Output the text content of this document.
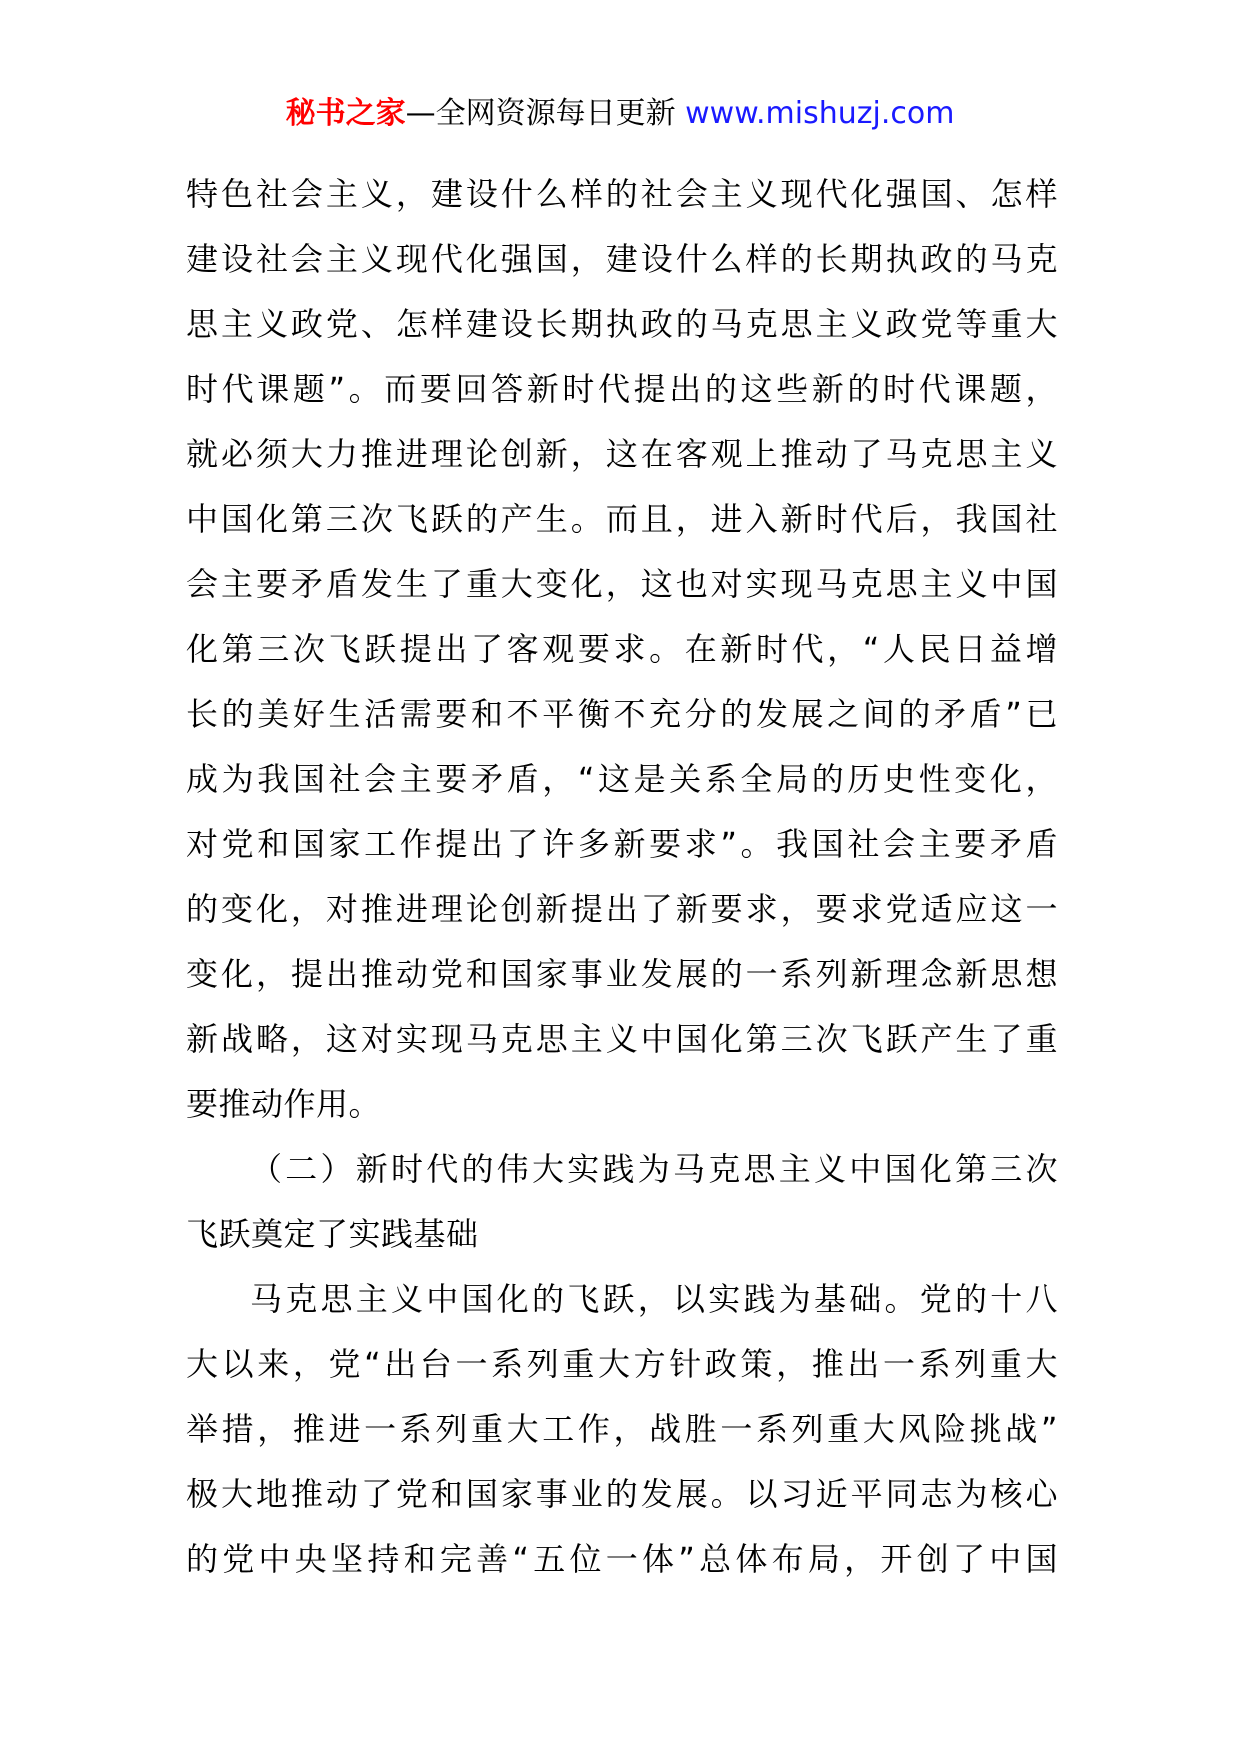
秘书之家—全网资源每日更新 www.mishuzj.com
特色社会主义，建设什么样的社会主义现代化强国、怎样
建设社会主义现代化强国，建设什么样的长期执政的马克
思主义政党、怎样建设长期执政的马克思主义政党等重大
时代课题”。而要回答新时代提出的这些新的时代课题，
就必须大力推进理论创新，这在客观上推动了马克思主义
中国化第三次飞跃的产生。而且，进入新时代后，我国社
会主要矛盾发生了重大变化，这也对实现马克思主义中国
化第三次飞跃提出了客观要求。在新时代，“人民日益增
长的美好生活需要和不平衡不充分的发展之间的矛盾”已
成为我国社会主要矛盾，“这是关系全局的历史性变化，
对党和国家工作提出了许多新要求”。我国社会主要矛盾
的变化，对推进理论创新提出了新要求，要求党适应这一
变化，提出推动党和国家事业发展的一系列新理念新思想
新战略，这对实现马克思主义中国化第三次飞跃产生了重
要推动作用。
（二）新时代的伟大实践为马克思主义中国化第三次
飞跃奠定了实践基础
马克思主义中国化的飞跃，以实践为基础。党的十八
大以来，党“出台一系列重大方针政策，推出一系列重大
举措，推进一系列重大工作，战胜一系列重大风险挑战”
极大地推动了党和国家事业的发展。以习近平同志为核心
的党中央坚持和完善“五位一体”总体布局，开创了中国
